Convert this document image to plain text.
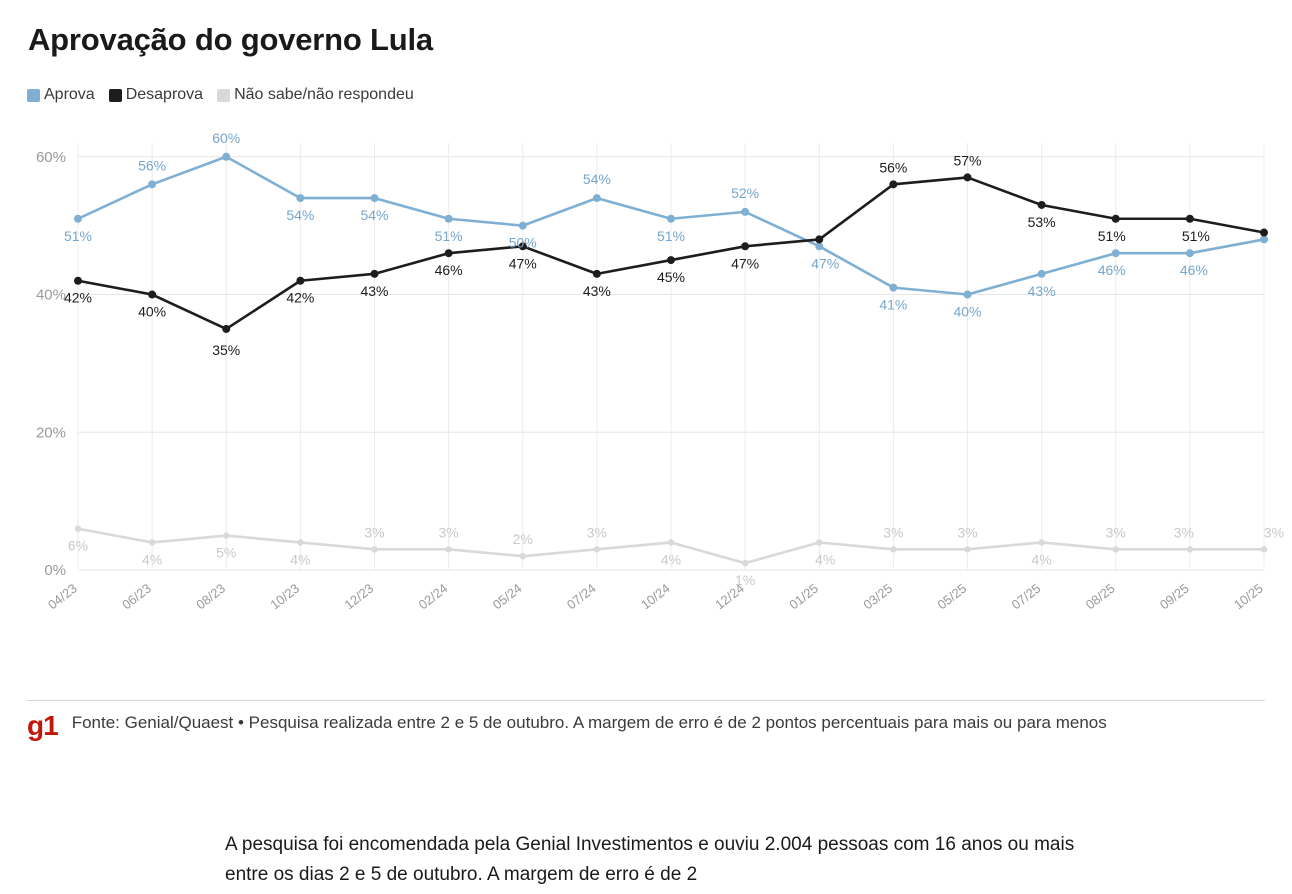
Aprovação do governo Lula
Aprova Desaprova Não sabe/não respondeu
0%
20%
40%
60%
04/23	06/23	08/23	10/23	12/23	02/24	05/24	07/24	10/24	12/24	01/25	03/25	05/25	07/25	08/25	09/25	10/25
6%
4%	5%	4%
3%	3%	2%	3%
4%
1%
4%
3%	3%
4%
3%	3%	3%
51%
56%
60%
54%	54%
51%	50%
54%
51%
52%
47%
41%	40%
43%
46%	46%
42%
40%
35%
42%	43%
46%	47%
43%
45%
47%
56%	57%
53%
51%	51%
g1 Fonte: Genial/Quaest • Pesquisa realizada entre 2 e 5 de outubro. A margem de erro é de 2 pontos percentuais para mais ou para menos
A pesquisa foi encomendada pela Genial Investimentos e ouviu 2.004 pessoas com 16 anos ou mais entre os dias 2 e 5 de outubro. A margem de erro é de 2
